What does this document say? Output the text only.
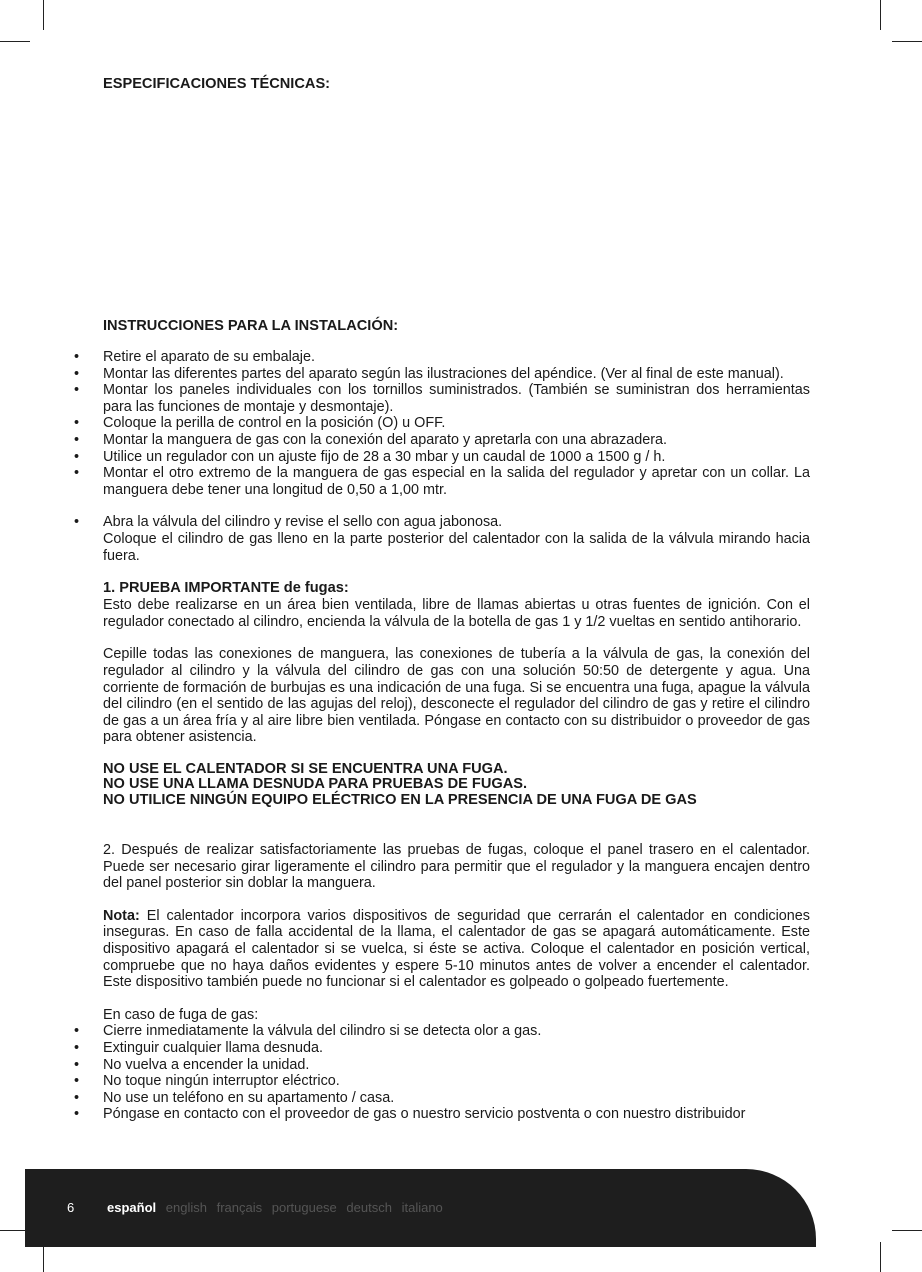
ESPECIFICACIONES TÉCNICAS:
INSTRUCCIONES PARA LA INSTALACIÓN:
• Retire el aparato de su embalaje.
• Montar las diferentes partes del aparato según las ilustraciones del apéndice. (Ver al final de este manual).
• Montar los paneles individuales con los tornillos suministrados. (También se suministran dos herramientas para las funciones de montaje y desmontaje).
• Coloque la perilla de control en la posición (O) u OFF.
• Montar la manguera de gas con la conexión del aparato y apretarla con una abrazadera.
• Utilice un regulador con un ajuste fijo de 28 a 30 mbar y un caudal de 1000 a 1500 g / h.
• Montar el otro extremo de la manguera de gas especial en la salida del regulador y apretar con un collar. La manguera debe tener una longitud de 0,50 a 1,00 mtr.
• Abra la válvula del cilindro y revise el sello con agua jabonosa.

Coloque el cilindro de gas lleno en la parte posterior del calentador con la salida de la válvula mirando hacia fuera.

1. PRUEBA IMPORTANTE de fugas:

Esto debe realizarse en un área bien ventilada, libre de llamas abiertas u otras fuentes de ignición. Con el regulador conectado al cilindro, encienda la válvula de la botella de gas 1 y 1/2 vueltas en sentido antihorario.

Cepille todas las conexiones de manguera, las conexiones de tubería a la válvula de gas, la conexión del regulador al cilindro y la válvula del cilindro de gas con una solución 50:50 de detergente y agua. Una corriente de formación de burbujas es una indicación de una fuga. Si se encuentra una fuga, apague la válvula del cilindro (en el sentido de las agujas del reloj), desconecte el regulador del cilindro de gas y retire el cilindro de gas a un área fría y al aire libre bien ventilada. Póngase en contacto con su distribuidor o proveedor de gas para obtener asistencia.

NO USE EL CALENTADOR SI SE ENCUENTRA UNA FUGA.
NO USE UNA LLAMA DESNUDA PARA PRUEBAS DE FUGAS.
NO UTILICE NINGÚN EQUIPO ELÉCTRICO EN LA PRESENCIA DE UNA FUGA DE GAS

2. Después de realizar satisfactoriamente las pruebas de fugas, coloque el panel trasero en el calentador. Puede ser necesario girar ligeramente el cilindro para permitir que el regulador y la manguera encajen dentro del panel posterior sin doblar la manguera.

Nota: El calentador incorpora varios dispositivos de seguridad que cerrarán el calentador en condiciones inseguras. En caso de falla accidental de la llama, el calentador de gas se apagará automáticamente. Este dispositivo apagará el calentador si se vuelca, si éste se activa. Coloque el calentador en posición vertical, compruebe que no haya daños evidentes y espere 5-10 minutos antes de volver a encender el calentador. Este dispositivo también puede no funcionar si el calentador es golpeado o golpeado fuertemente.

En caso de fuga de gas:

• Cierre inmediatamente la válvula del cilindro si se detecta olor a gas.
• Extinguir cualquier llama desnuda.
• No vuelva a encender la unidad.
• No toque ningún interruptor eléctrico.
• No use un teléfono en su apartamento / casa.
• Póngase en contacto con el proveedor de gas o nuestro servicio postventa o con nuestro distribuidor
6	español english français portuguese deutsch italiano
